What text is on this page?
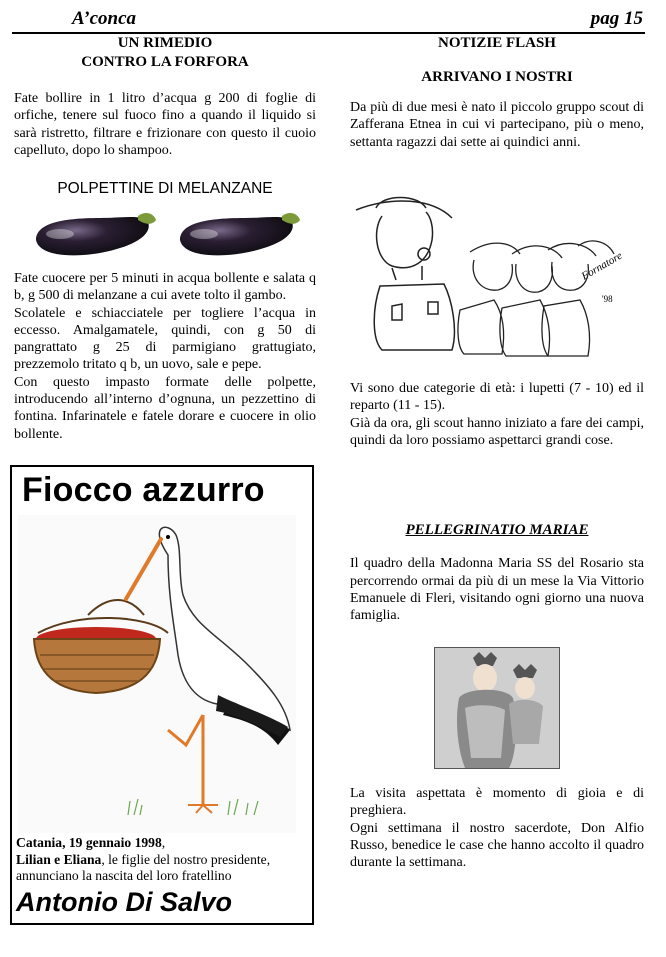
A’conca	pag 15
UN RIMEDIO
CONTRO LA FORFORA

Fate bollire in 1 litro d’acqua g 200 di foglie di orfiche, tenere sul fuoco fino a quando il liquido si sarà ristretto, filtrare e frizionare con questo il cuoio capelluto, dopo lo shampoo.

POLPETTINE DI MELANZANE

Fate cuocere per 5 minuti in acqua bollente e salata q b, g 500 di melanzane a cui avete tolto il gambo.

Scolatele e schiacciatele per togliere l’acqua in eccesso. Amalgamatele, quindi, con g 50 di pangrattato g 25 di parmigiano grattugiato, prezzemolo tritato q b, un uovo, sale e pepe.

Con questo impasto formate delle polpette, introducendo all’interno d’ognuna, un pezzettino di fontina. Infarinatele e fatele dorare e cuocere in olio bollente.

Fiocco azzurro

Catania, 19 gennaio 1998,

Lilian e Eliana, le figlie del nostro presidente, annunciano la nascita del loro fratellino

Antonio Di Salvo
NOTIZIE FLASH
ARRIVANO I NOSTRI

Da più di due mesi è nato il piccolo gruppo scout di Zafferana Etnea in cui vi partecipano, più o meno, settanta ragazzi dai sette ai quindici anni.

Fornatore
'98

Vi sono due categorie di età: i lupetti (7 - 10) ed il reparto (11 - 15).

Già da ora, gli scout hanno iniziato a fare dei campi, quindi da loro possiamo aspettarci grandi cose.

PELLEGRINATIO MARIAE

Il quadro della Madonna Maria SS del Rosario sta percorrendo ormai da più di un mese la Via Vittorio Emanuele di Fleri, visitando ogni giorno una nuova famiglia.

La visita aspettata è momento di gioia e di preghiera.

Ogni settimana il nostro sacerdote, Don Alfio Russo, benedice le case che hanno accolto il quadro durante la settimana.
